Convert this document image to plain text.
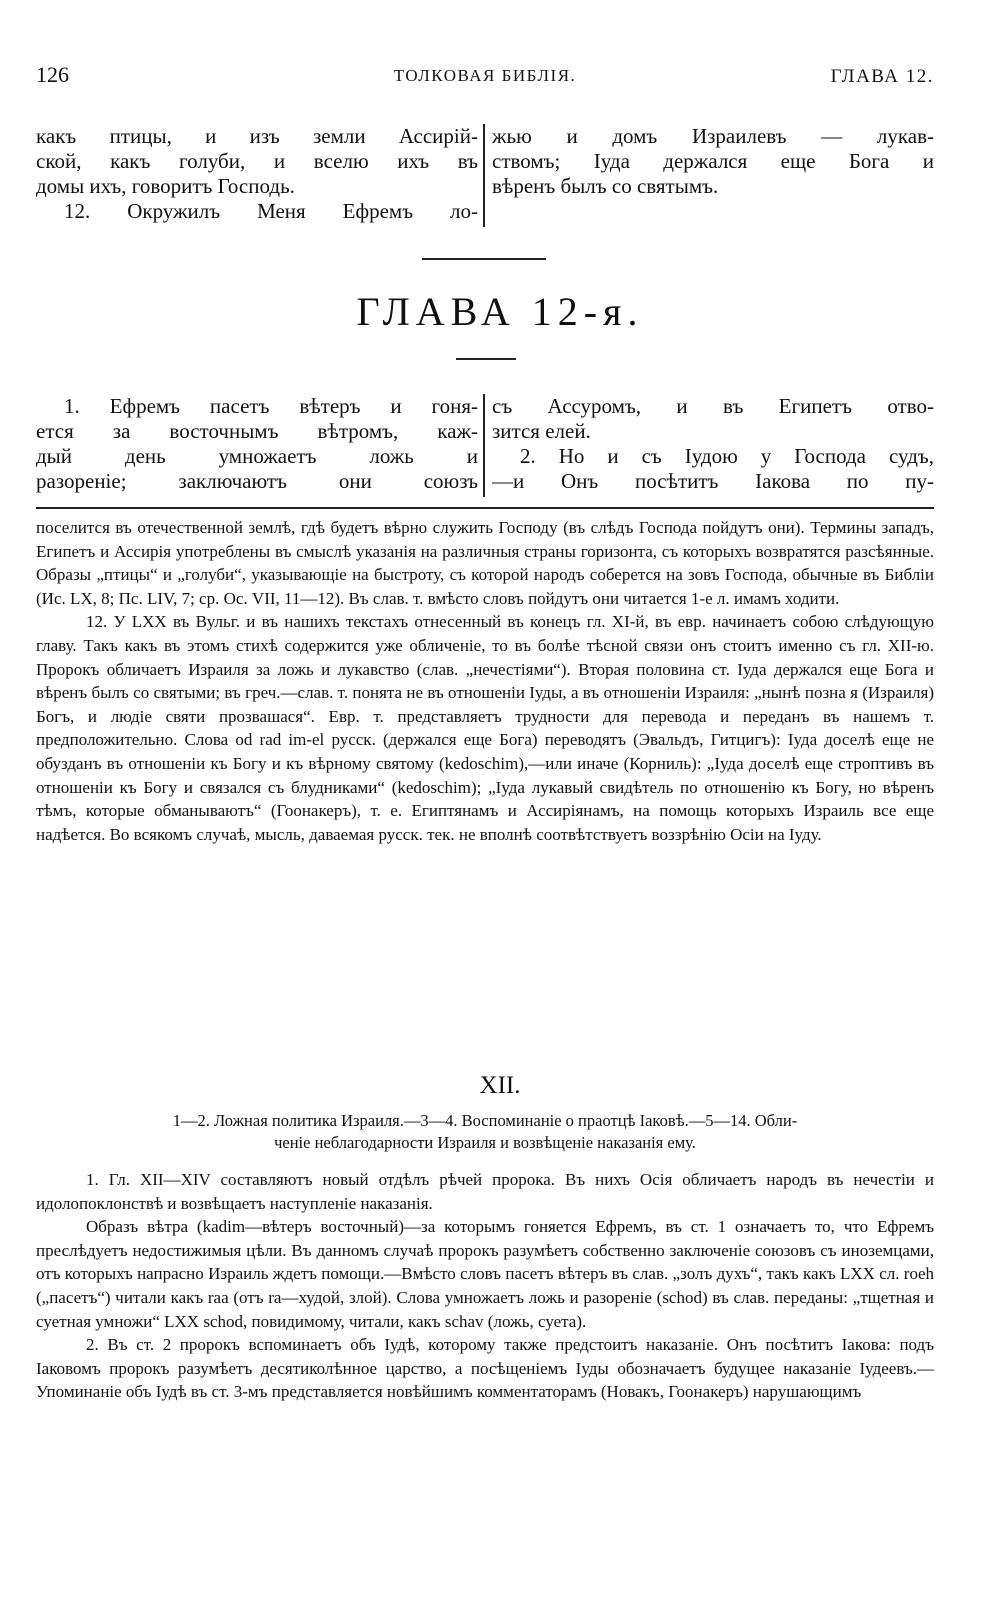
126	ТОЛКОВАЯ БИБЛІЯ.	ГЛАВА 12.
какъ птицы, и изъ земли Ассирій-
ской, какъ голуби, и вселю ихъ въ
домы ихъ, говоритъ Господь.
12. Окружилъ Меня Ефремъ ло-
жью и домъ Израилевъ — лукав-
ствомъ; Іуда держался еще Бога и
вѣренъ былъ со святымъ.
ГЛАВА 12-я.
1. Ефремъ пасетъ вѣтеръ и гоня-
ется за восточнымъ вѣтромъ, каж-
дый день умножаетъ ложь и
разореніе; заключаютъ они союзъ
съ Ассуромъ, и въ Египетъ отво-
зится елей.
2. Но и съ Іудою у Господа судъ,
—и Онъ посѣтитъ Іакова по пу-

поселится въ отечественной землѣ, гдѣ будетъ вѣрно служить Господу (въ слѣдъ Господа пойдутъ они). Термины западъ, Египетъ и Ассирія употреблены въ смыслѣ указанія на различныя страны горизонта, съ которыхъ возвратятся разсѣянные. Образы „птицы“ и „голуби“, указывающіе на быстроту, съ которой народъ соберется на зовъ Господа, обычные въ Библіи (Ис. LX, 8; Пс. LIV, 7; ср. Ос. VII, 11—12). Въ слав. т. вмѣсто словъ пойдутъ они читается 1-е л. имамъ ходити.

12. У LXX въ Вульг. и въ нашихъ текстахъ отнесенный въ конецъ гл. XI-й, въ евр. начинаетъ собою слѣдующую главу. Такъ какъ въ этомъ стихѣ содержится уже обличеніе, то въ болѣе тѣсной связи онъ стоитъ именно съ гл. XII-ю. Пророкъ обличаетъ Израиля за ложь и лукавство (слав. „нечестіями“). Вторая половина ст. Іуда держался еще Бога и вѣренъ былъ со святыми; въ греч.—слав. т. понята не въ отношеніи Іуды, а въ отношеніи Израиля: „нынѣ позна я (Израиля) Богъ, и людіе святи прозвашася“. Евр. т. представляетъ трудности для перевода и переданъ въ нашемъ т. предположительно. Слова od rad im-el русск. (держался еще Бога) переводятъ (Эвальдъ, Гитцигъ): Іуда доселѣ еще не обузданъ въ отношеніи къ Богу и къ вѣрному святому (kedoschim),—или иначе (Корниль): „Іуда доселѣ еще строптивъ въ отношеніи къ Богу и связался съ блудниками“ (kedoschim); „Іуда лукавый свидѣтель по отношенію къ Богу, но вѣренъ тѣмъ, которые обманываютъ“ (Гоонакеръ), т. е. Египтянамъ и Ассиріянамъ, на помощь которыхъ Израиль все еще надѣется. Во всякомъ случаѣ, мысль, даваемая русск. тек. не вполнѣ соотвѣтствуетъ воззрѣнію Осіи на Іуду.

XII.
1—2. Ложная политика Израиля.—3—4. Воспоминаніе о праотцѣ Іаковѣ.—5—14. Обли-
ченіе неблагодарности Израиля и возвѣщеніе наказанія ему.

1. Гл. XII—XIV составляютъ новый отдѣлъ рѣчей пророка. Въ нихъ Осія обличаетъ народъ въ нечестіи и идолопоклонствѣ и возвѣщаетъ наступленіе наказанія.

Образъ вѣтра (kadim—вѣтеръ восточный)—за которымъ гоняется Ефремъ, въ ст. 1 означаетъ то, что Ефремъ преслѣдуетъ недостижимыя цѣли. Въ данномъ случаѣ пророкъ разумѣетъ собственно заключеніе союзовъ съ иноземцами, отъ которыхъ напрасно Израиль ждетъ помощи.—Вмѣсто словъ пасетъ вѣтеръ въ слав. „золъ духъ“, такъ какъ LXX сл. roeh („пасетъ“) читали какъ raa (отъ ra—худой, злой). Слова умножаетъ ложь и разореніе (schod) въ слав. переданы: „тщетная и суетная умножи“ LXX schod, повидимому, читали, какъ schav (ложь, суета).

2. Въ ст. 2 пророкъ вспоминаетъ объ Іудѣ, которому также предстоитъ наказаніе. Онъ посѣтитъ Іакова: подъ Іаковомъ пророкъ разумѣетъ десятиколѣнное царство, а посѣщеніемъ Іуды обозначаетъ будущее наказаніе Іудеевъ.—Упоминаніе объ Іудѣ въ ст. 3-мъ представляется новѣйшимъ комментаторамъ (Новакъ, Гоонакеръ) нарушающимъ
